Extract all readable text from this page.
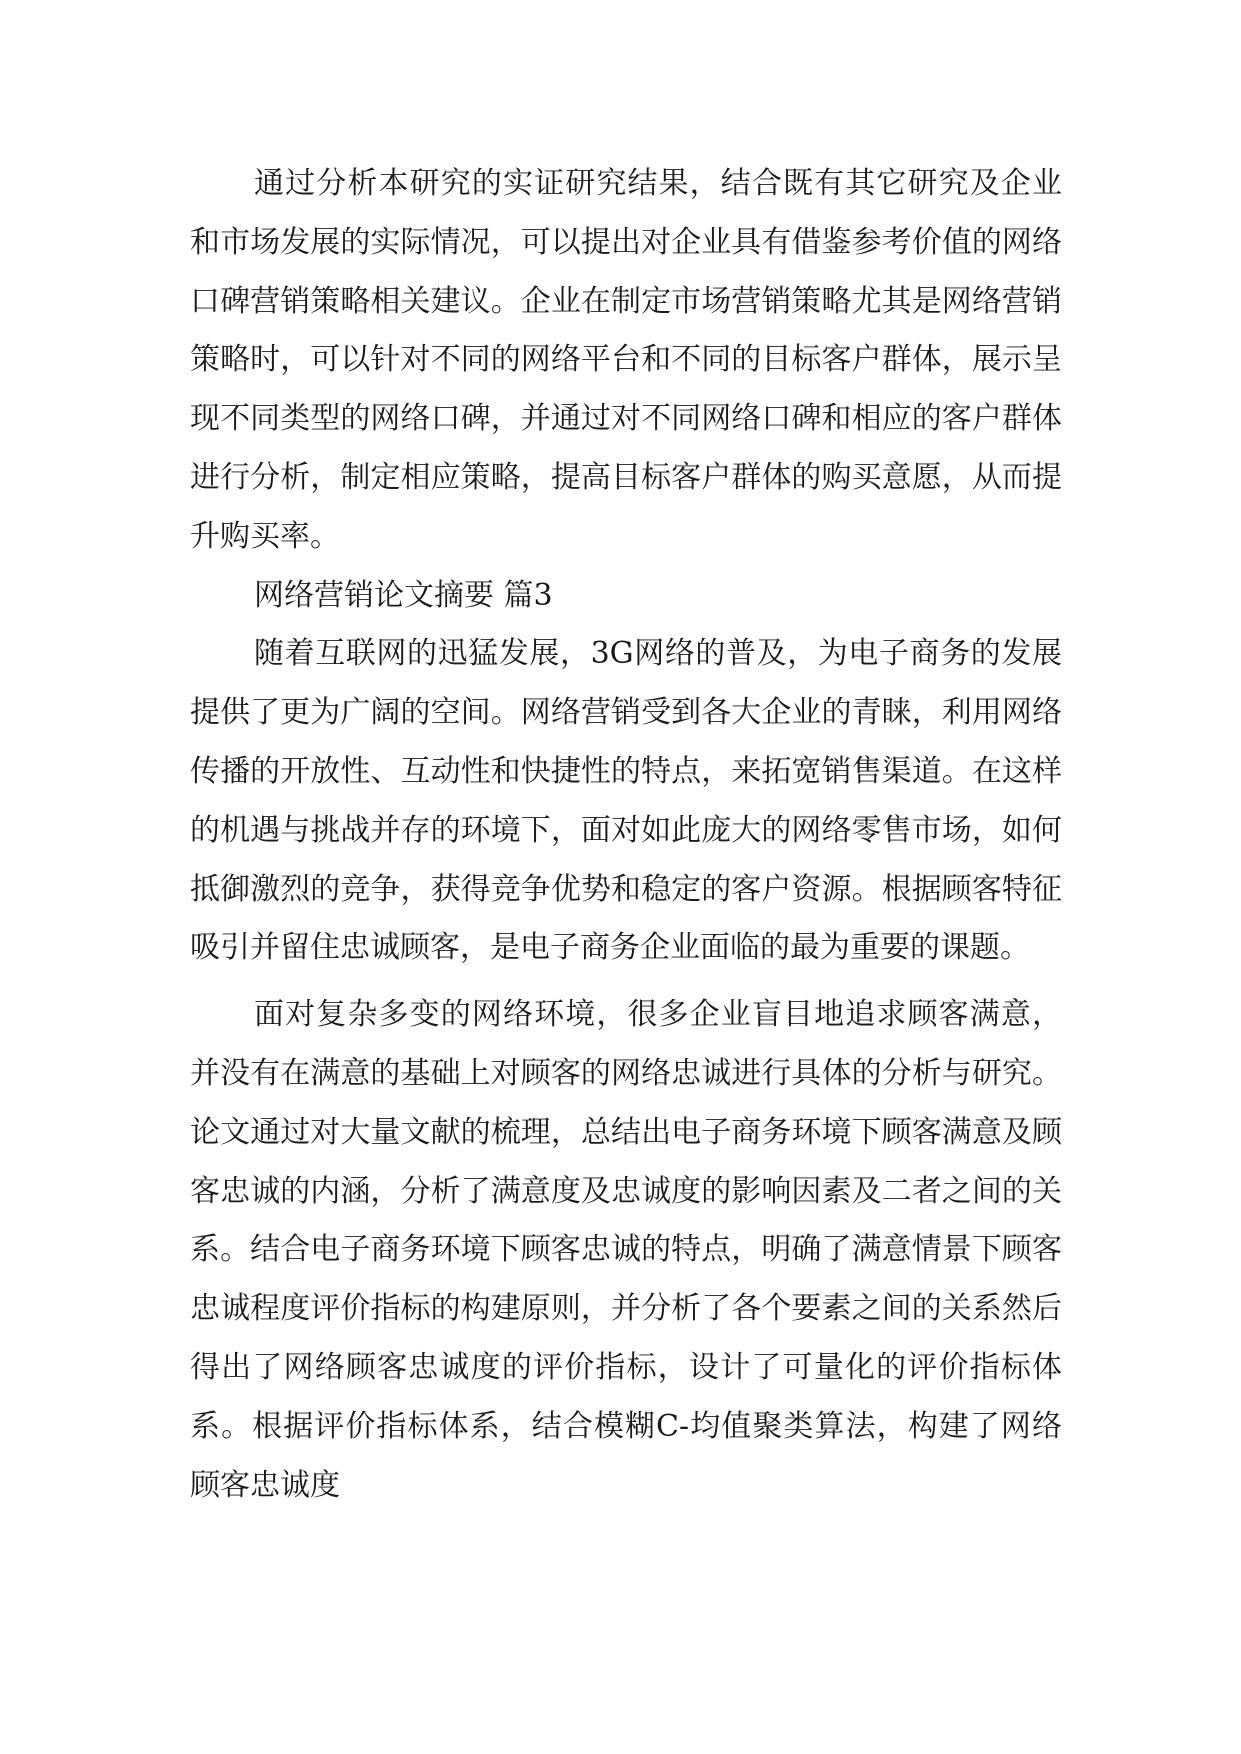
通过分析本研究的实证研究结果，结合既有其它研究及企业和市场发展的实际情况，可以提出对企业具有借鉴参考价值的网络口碑营销策略相关建议。企业在制定市场营销策略尤其是网络营销策略时，可以针对不同的网络平台和不同的目标客户群体，展示呈现不同类型的网络口碑，并通过对不同网络口碑和相应的客户群体进行分析，制定相应策略，提高目标客户群体的购买意愿，从而提升购买率。

网络营销论文摘要 篇3

随着互联网的迅猛发展，3G网络的普及，为电子商务的发展提供了更为广阔的空间。网络营销受到各大企业的青睐，利用网络传播的开放性、互动性和快捷性的特点，来拓宽销售渠道。在这样的机遇与挑战并存的环境下，面对如此庞大的网络零售市场，如何抵御激烈的竞争，获得竞争优势和稳定的客户资源。根据顾客特征吸引并留住忠诚顾客，是电子商务企业面临的最为重要的课题。

面对复杂多变的网络环境，很多企业盲目地追求顾客满意，并没有在满意的基础上对顾客的网络忠诚进行具体的分析与研究。论文通过对大量文献的梳理，总结出电子商务环境下顾客满意及顾客忠诚的内涵，分析了满意度及忠诚度的影响因素及二者之间的关系。结合电子商务环境下顾客忠诚的特点，明确了满意情景下顾客忠诚程度评价指标的构建原则，并分析了各个要素之间的关系然后得出了网络顾客忠诚度的评价指标，设计了可量化的评价指标体系。根据评价指标体系，结合模糊C-均值聚类算法，构建了网络顾客忠诚度
